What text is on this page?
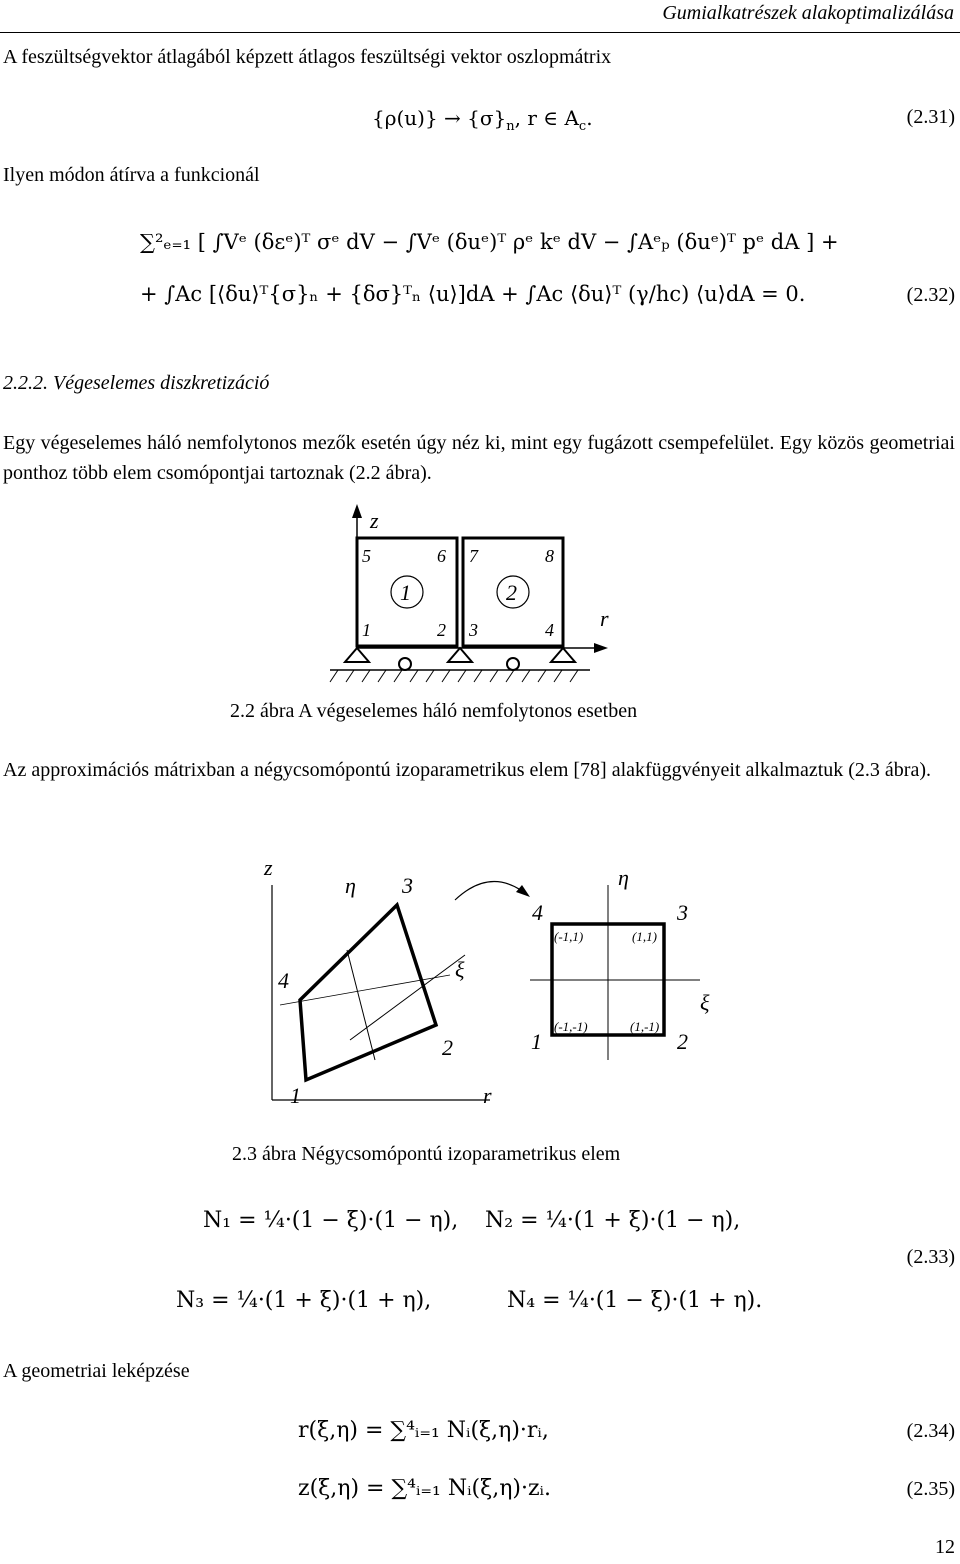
Gumialkatrészek alakoptimalizálása
A feszültségvektor átlagából képzett átlagos feszültségi vektor oszlopmátrix
$\{\rho(u)\} \to \{\sigma\}_n$, r ∈ $A_c$.	(2.31)
Ilyen módon átírva a funkcionál
∑²ₑ₌₁ [ ∫Vᵉ (δεᵉ)ᵀ σᵉ dV − ∫Vᵉ (δuᵉ)ᵀ ρᵉ kᵉ dV − ∫Aᵉₚ (δuᵉ)ᵀ pᵉ dA ] +
+ ∫Ac [⟨δu⟩ᵀ{σ}ₙ + {δσ}ᵀₙ ⟨u⟩]dA + ∫Ac ⟨δu⟩ᵀ (γ/hc) ⟨u⟩dA = 0.	(2.32)
2.2.2. Végeselemes diszkretizáció
Egy végeselemes háló nemfolytonos mezők esetén úgy néz ki, mint egy fugázott csempefelület. Egy közös geometriai ponthoz több elem csomópontjai tartoznak (2.2 ábra).
z
r
5	6 7	8
1	2 3	4
1	2
2.2 ábra A végeselemes háló nemfolytonos esetben
Az approximációs mátrixban a négycsomópontú izoparametrikus elem [78] alakfüggvényeit alkalmaztuk (2.3 ábra).
z
r
η
ξ
3
4
2
1
η
ξ
4	3
1	2
(-1,1)	(1,1)
(-1,-1)	(1,-1)
2.3 ábra Négycsomópontú izoparametrikus elem
N₁ = ¼·(1 − ξ)·(1 − η), N₂ = ¼·(1 + ξ)·(1 − η),
N₃ = ¼·(1 + ξ)·(1 + η),	N₄ = ¼·(1 − ξ)·(1 + η).
(2.33)
A geometriai leképzése
r(ξ,η) = ∑⁴ᵢ₌₁ Nᵢ(ξ,η)·rᵢ,	(2.34)
z(ξ,η) = ∑⁴ᵢ₌₁ Nᵢ(ξ,η)·zᵢ.	(2.35)
12
